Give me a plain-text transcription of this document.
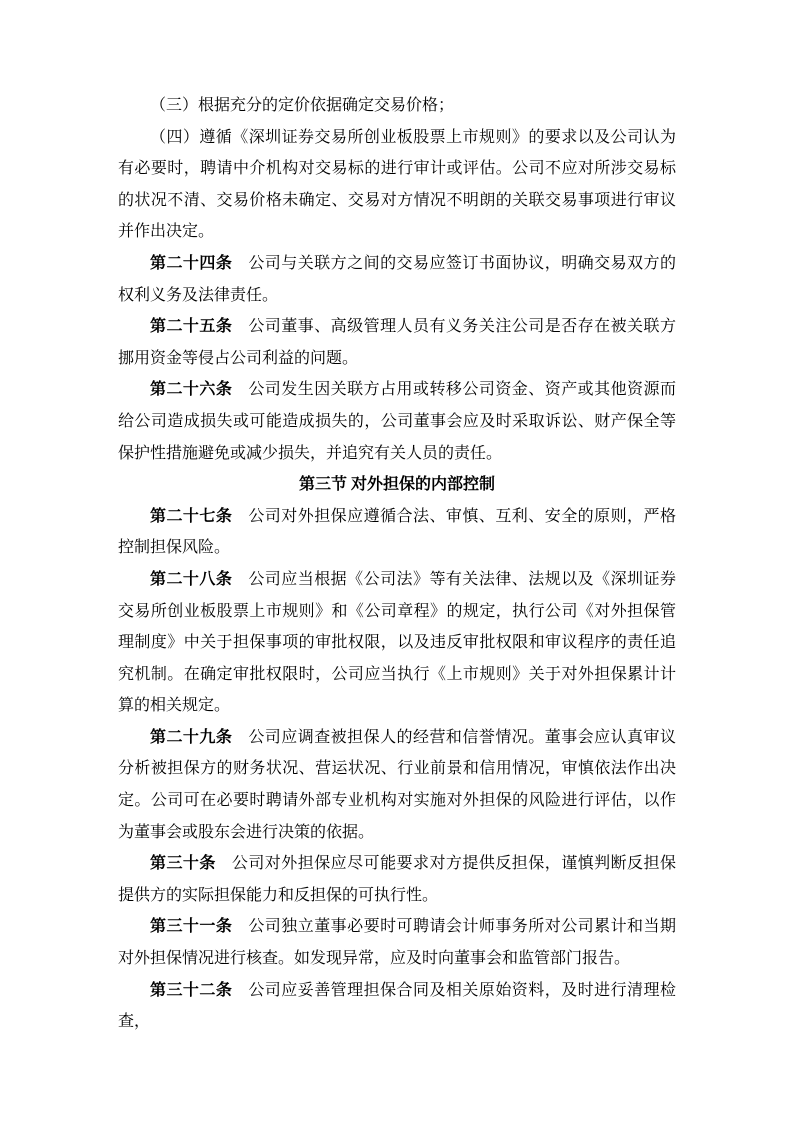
（三）根据充分的定价依据确定交易价格；

（四）遵循《深圳证券交易所创业板股票上市规则》的要求以及公司认为有必要时，聘请中介机构对交易标的进行审计或评估。公司不应对所涉交易标的状况不清、交易价格未确定、交易对方情况不明朗的关联交易事项进行审议并作出决定。

第二十四条 公司与关联方之间的交易应签订书面协议，明确交易双方的权利义务及法律责任。

第二十五条 公司董事、高级管理人员有义务关注公司是否存在被关联方挪用资金等侵占公司利益的问题。

第二十六条 公司发生因关联方占用或转移公司资金、资产或其他资源而给公司造成损失或可能造成损失的，公司董事会应及时采取诉讼、财产保全等保护性措施避免或减少损失，并追究有关人员的责任。

第三节 对外担保的内部控制

第二十七条 公司对外担保应遵循合法、审慎、互利、安全的原则，严格控制担保风险。

第二十八条 公司应当根据《公司法》等有关法律、法规以及《深圳证券交易所创业板股票上市规则》和《公司章程》的规定，执行公司《对外担保管理制度》中关于担保事项的审批权限，以及违反审批权限和审议程序的责任追究机制。在确定审批权限时，公司应当执行《上市规则》关于对外担保累计计算的相关规定。

第二十九条 公司应调查被担保人的经营和信誉情况。董事会应认真审议分析被担保方的财务状况、营运状况、行业前景和信用情况，审慎依法作出决定。公司可在必要时聘请外部专业机构对实施对外担保的风险进行评估，以作为董事会或股东会进行决策的依据。

第三十条 公司对外担保应尽可能要求对方提供反担保，谨慎判断反担保提供方的实际担保能力和反担保的可执行性。

第三十一条 公司独立董事必要时可聘请会计师事务所对公司累计和当期对外担保情况进行核查。如发现异常，应及时向董事会和监管部门报告。

第三十二条 公司应妥善管理担保合同及相关原始资料，及时进行清理检查，
